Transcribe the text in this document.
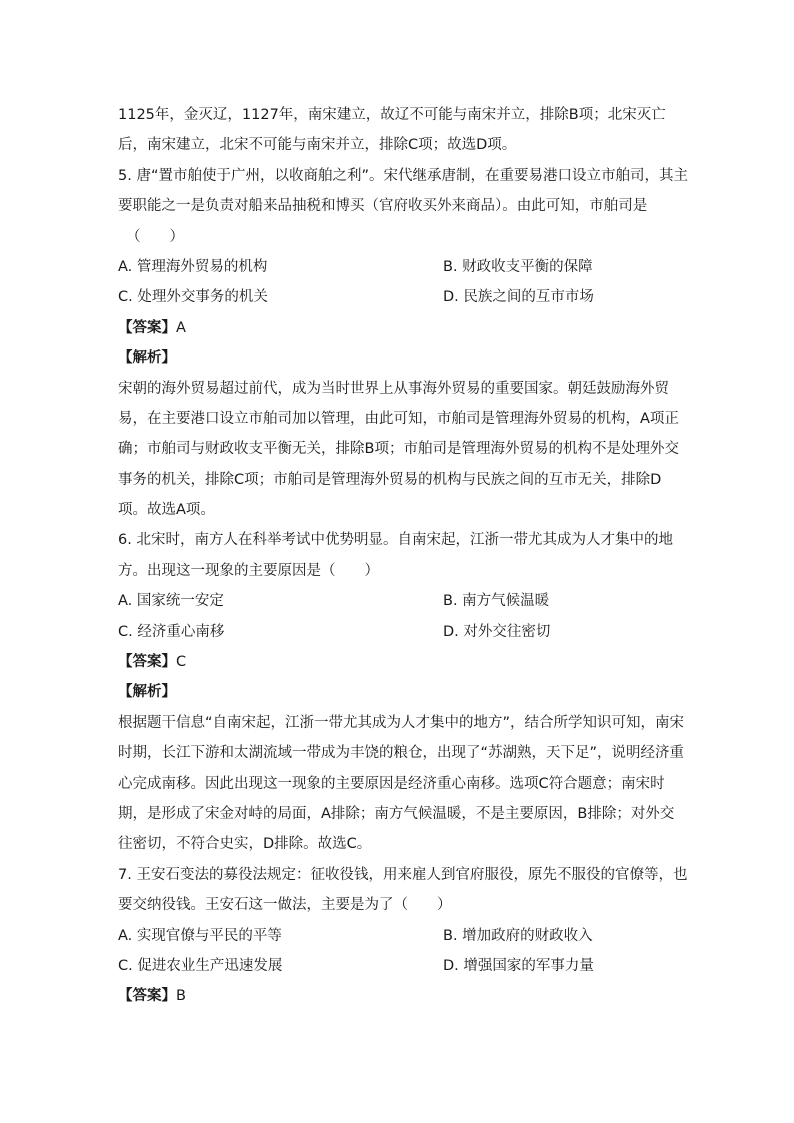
1125年，金灭辽，1127年，南宋建立，故辽不可能与南宋并立，排除B项；北宋灭亡
后，南宋建立，北宋不可能与南宋并立，排除C项；故选D项。
5. 唐“置市舶使于广州，以收商舶之利”。宋代继承唐制，在重要易港口设立市舶司，其主
要职能之一是负责对船来品抽税和博买（官府收买外来商品）。由此可知，市舶司是
（　　）
A. 管理海外贸易的机构	B. 财政收支平衡的保障
C. 处理外交事务的机关	D. 民族之间的互市市场
【答案】A
【解析】
宋朝的海外贸易超过前代，成为当时世界上从事海外贸易的重要国家。朝廷鼓励海外贸
易，在主要港口设立市舶司加以管理，由此可知，市舶司是管理海外贸易的机构，A项正
确；市舶司与财政收支平衡无关，排除B项；市舶司是管理海外贸易的机构不是处理外交
事务的机关，排除C项；市舶司是管理海外贸易的机构与民族之间的互市无关，排除D
项。故选A项。
6. 北宋时，南方人在科举考试中优势明显。自南宋起，江浙一带尤其成为人才集中的地
方。出现这一现象的主要原因是（　　）
A. 国家统一安定	B. 南方气候温暖
C. 经济重心南移	D. 对外交往密切
【答案】C
【解析】
根据题干信息“自南宋起，江浙一带尤其成为人才集中的地方”，结合所学知识可知，南宋
时期，长江下游和太湖流域一带成为丰饶的粮仓，出现了“苏湖熟，天下足”，说明经济重
心完成南移。因此出现这一现象的主要原因是经济重心南移。选项C符合题意；南宋时
期，是形成了宋金对峙的局面，A排除；南方气候温暖，不是主要原因，B排除；对外交
往密切，不符合史实，D排除。故选C。
7. 王安石变法的募役法规定：征收役钱，用来雇人到官府服役，原先不服役的官僚等，也
要交纳役钱。王安石这一做法，主要是为了（　　）
A. 实现官僚与平民的平等	B. 增加政府的财政收入
C. 促进农业生产迅速发展	D. 增强国家的军事力量
【答案】B
